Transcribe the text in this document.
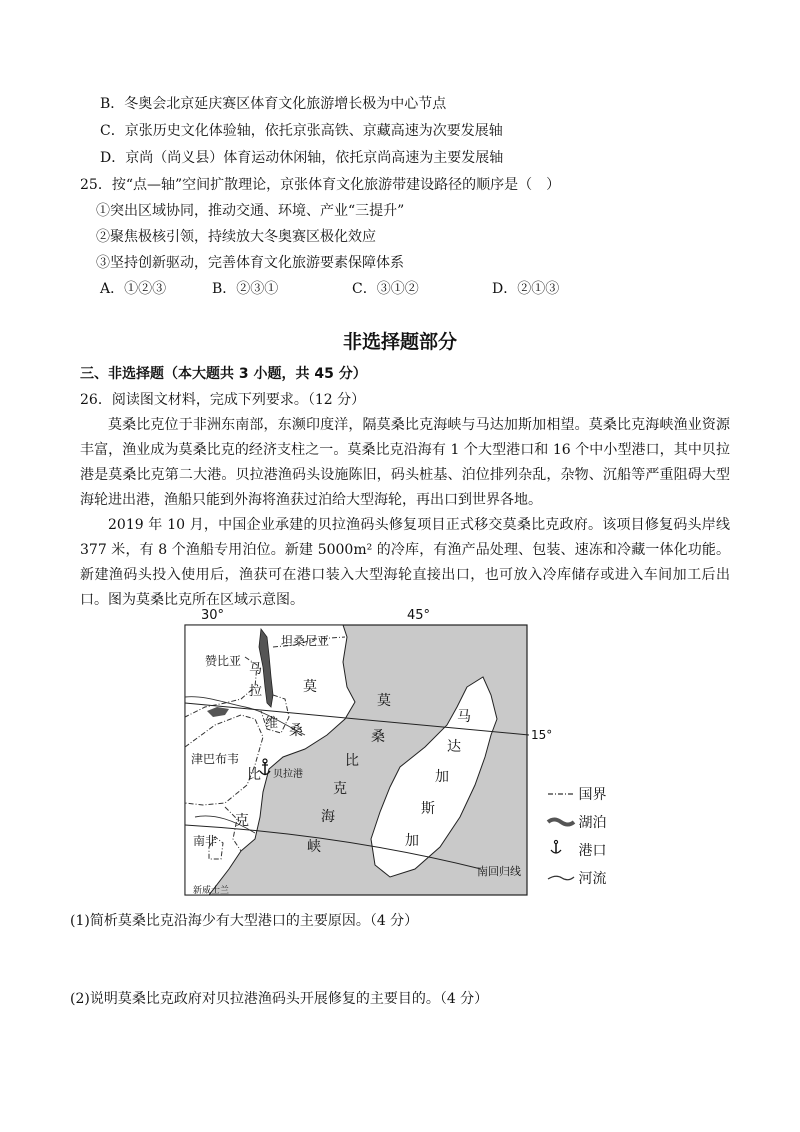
B．冬奥会北京延庆赛区体育文化旅游增长极为中心节点
C．京张历史文化体验轴，依托京张高铁、京藏高速为次要发展轴
D．京尚（尚义县）体育运动休闲轴，依托京尚高速为主要发展轴
25．按“点—轴”空间扩散理论，京张体育文化旅游带建设路径的顺序是（　）
①突出区域协同，推动交通、环境、产业“三提升”
②聚焦极核引领，持续放大冬奥赛区极化效应
③坚持创新驱动，完善体育文化旅游要素保障体系
A．①②③	B．②③①	C．③①②	D．②①③
非选择题部分
三、非选择题（本大题共 3 小题，共 45 分）
26．阅读图文材料，完成下列要求。（12 分）
莫桑比克位于非洲东南部，东濒印度洋，隔莫桑比克海峡与马达加斯加相望。莫桑比克海峡渔业资源丰富，渔业成为莫桑比克的经济支柱之一。莫桑比克沿海有 1 个大型港口和 16 个中小型港口，其中贝拉港是莫桑比克第二大港。贝拉港渔码头设施陈旧，码头桩基、泊位排列杂乱，杂物、沉船等严重阻碍大型海轮进出港，渔船只能到外海将渔获过泊给大型海轮，再出口到世界各地。
2019 年 10 月，中国企业承建的贝拉渔码头修复项目正式移交莫桑比克政府。该项目修复码头岸线 377 米，有 8 个渔船专用泊位。新建 5000m² 的冷库，有渔产品处理、包装、速冻和冷藏一体化功能。新建渔码头投入使用后，渔获可在港口装入大型海轮直接出口，也可放入冷库储存或进入车间加工后出口。图为莫桑比克所在区域示意图。
30°	45°
15°
坦桑尼亚
赞比亚
津巴布韦
南非
新威士兰
马
拉
维
莫
桑
比
克
贝拉港
莫
桑
比
克
海
峡
马
达
加
斯
加
南回归线
国界
湖泊
港口
河流
(1)简析莫桑比克沿海少有大型港口的主要原因。（4 分）
(2)说明莫桑比克政府对贝拉港渔码头开展修复的主要目的。（4 分）
